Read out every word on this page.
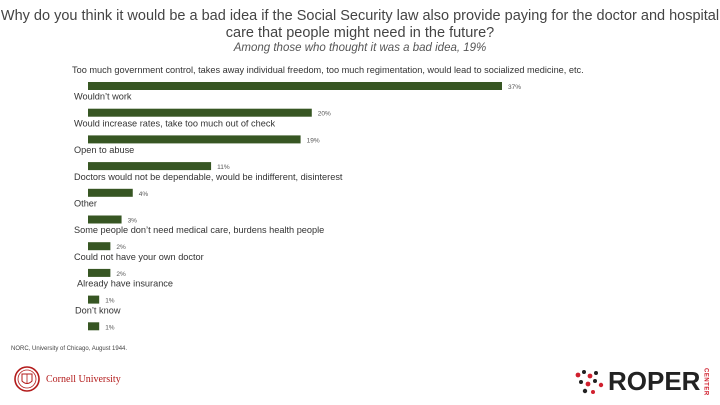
Why do you think it would be a bad idea if the Social Security law also provide paying for the doctor and hospital care that people might need in the future?
Among those who thought it was a bad idea, 19%
Too much government control, takes away individual freedom, too much regimentation, would lead to socialized medicine, etc.
37%
Wouldn’t work
20%
Would increase rates, take too much out of check
19%
Open to abuse
11%
Doctors would not be dependable, would be indifferent, disinterest
4%
Other
3%
Some people don’t need medical care, burdens health people
2%
Could not have your own doctor
2%
Already have insurance
1%
Don’t know
1%
NORC, University of Chicago, August 1944.
Cornell University	ROPER CENTER
